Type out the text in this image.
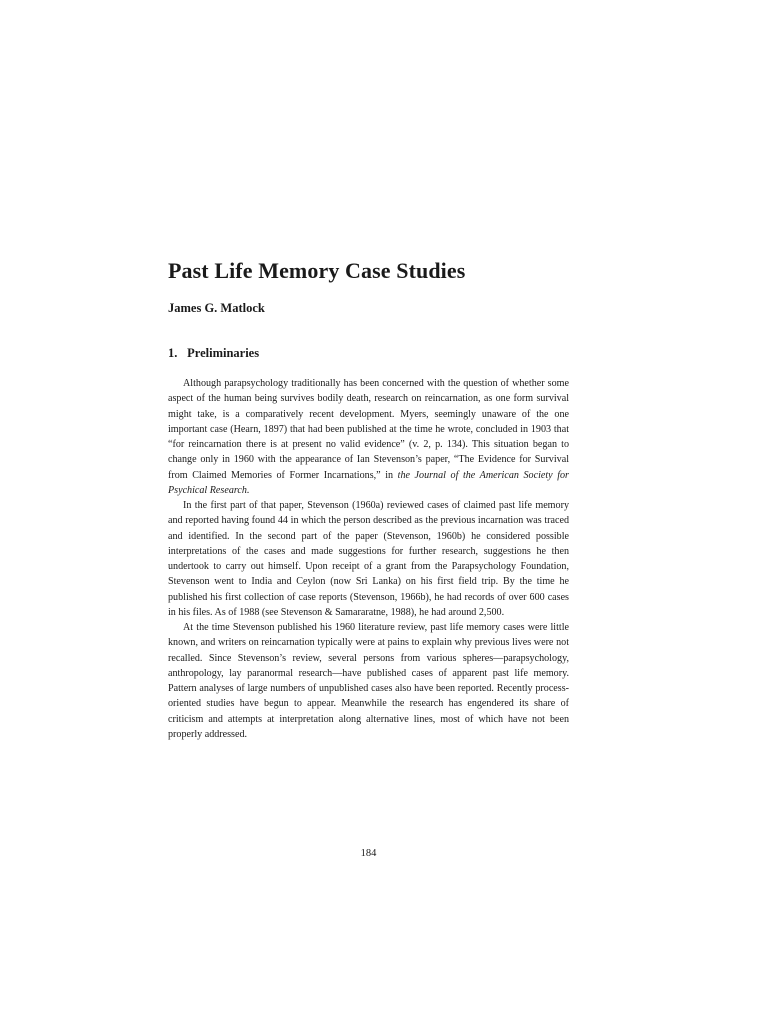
Past Life Memory Case Studies

James G. Matlock

1. Preliminaries

Although parapsychology traditionally has been concerned with the question of whether some aspect of the human being survives bodily death, research on reincarnation, as one form survival might take, is a comparatively recent development. Myers, seemingly unaware of the one important case (Hearn, 1897) that had been published at the time he wrote, concluded in 1903 that “for reincarnation there is at present no valid evidence” (v. 2, p. 134). This situation began to change only in 1960 with the appearance of Ian Stevenson’s paper, “The Evidence for Survival from Claimed Memories of Former Incarnations,” in the Journal of the American Society for Psychical Research.

In the first part of that paper, Stevenson (1960a) reviewed cases of claimed past life memory and reported having found 44 in which the person described as the previous incarnation was traced and identified. In the second part of the paper (Stevenson, 1960b) he considered possible interpretations of the cases and made suggestions for further research, suggestions he then undertook to carry out himself. Upon receipt of a grant from the Parapsychology Foundation, Stevenson went to India and Ceylon (now Sri Lanka) on his first field trip. By the time he published his first collection of case reports (Stevenson, 1966b), he had records of over 600 cases in his files. As of 1988 (see Stevenson & Samararatne, 1988), he had around 2,500.

At the time Stevenson published his 1960 literature review, past life memory cases were little known, and writers on reincarnation typically were at pains to explain why previous lives were not recalled. Since Stevenson’s review, several persons from various spheres—parapsychology, anthropology, lay paranormal research—have published cases of apparent past life memory. Pattern analyses of large numbers of unpublished cases also have been reported. Recently process-oriented studies have begun to appear. Meanwhile the research has engendered its share of criticism and attempts at interpretation along alternative lines, most of which have not been properly addressed.

184
